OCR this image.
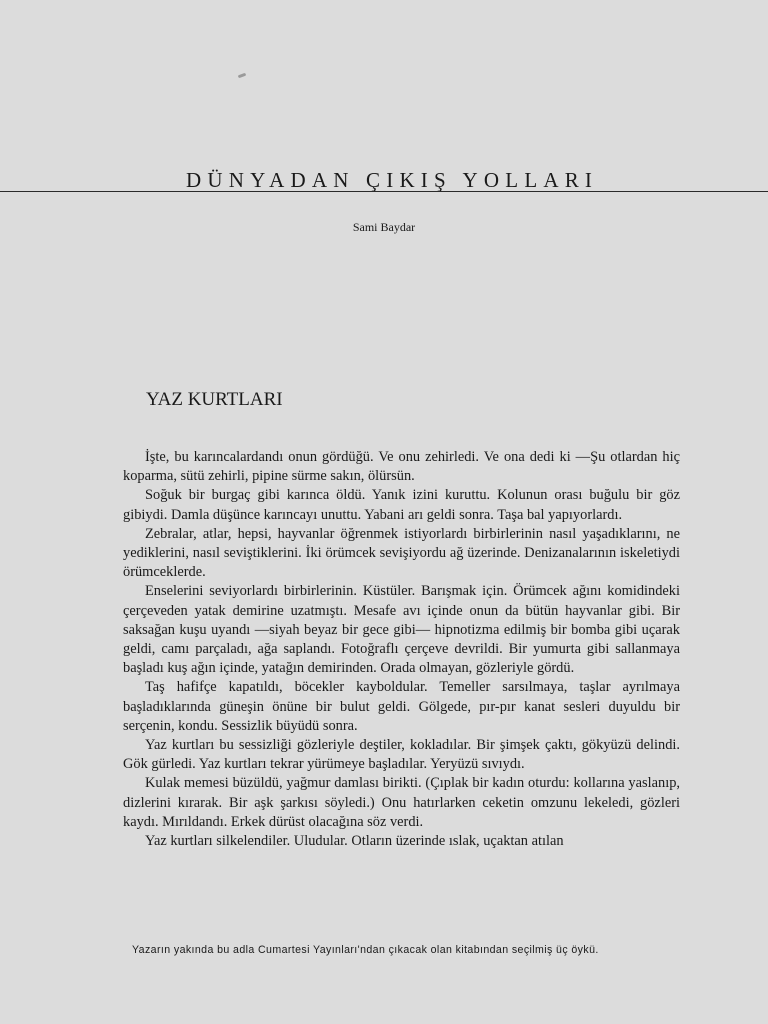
DÜNYADAN ÇIKIŞ YOLLARI
Sami Baydar
YAZ KURTLARI

İşte, bu karıncalardandı onun gördüğü. Ve onu zehirledi. Ve ona dedi ki —Şu otlardan hiç koparma, sütü zehirli, pipine sürme sakın, ölürsün.

Soğuk bir burgaç gibi karınca öldü. Yanık izini kuruttu. Kolunun orası buğulu bir göz gibiydi. Damla düşünce karıncayı unuttu. Yabani arı geldi sonra. Taşa bal yapıyorlardı.

Zebralar, atlar, hepsi, hayvanlar öğrenmek istiyorlardı birbirlerinin nasıl yaşadıklarını, ne yediklerini, nasıl seviştiklerini. İki örümcek sevişiyordu ağ üzerinde. Denizanalarının iskeletiydi örümceklerde.

Enselerini seviyorlardı birbirlerinin. Küstüler. Barışmak için. Örümcek ağını komidindeki çerçeveden yatak demirine uzatmıştı. Mesafe avı içinde onun da bütün hayvanlar gibi. Bir saksağan kuşu uyandı —siyah beyaz bir gece gibi— hipnotizma edilmiş bir bomba gibi uçarak geldi, camı parçaladı, ağa saplandı. Fotoğraflı çerçeve devrildi. Bir yumurta gibi sallanmaya başladı kuş ağın içinde, yatağın demirinden. Orada olmayan, gözleriyle gördü.

Taş hafifçe kapatıldı, böcekler kayboldular. Temeller sarsılmaya, taşlar ayrılmaya başladıklarında güneşin önüne bir bulut geldi. Gölgede, pır-pır kanat sesleri duyuldu bir serçenin, kondu. Sessizlik büyüdü sonra.

Yaz kurtları bu sessizliği gözleriyle deştiler, kokladılar. Bir şimşek çaktı, gökyüzü delindi. Gök gürledi. Yaz kurtları tekrar yürümeye başladılar. Yeryüzü sıvıydı.

Kulak memesi büzüldü, yağmur damlası birikti. (Çıplak bir kadın oturdu: kollarına yaslanıp, dizlerini kırarak. Bir aşk şarkısı söyledi.) Onu hatırlarken ceketin omzunu lekeledi, gözleri kaydı. Mırıldandı. Erkek dürüst olacağına söz verdi.

Yaz kurtları silkelendiler. Uludular. Otların üzerinde ıslak, uçaktan atılan

Yazarın yakında bu adla Cumartesi Yayınları'ndan çıkacak olan kitabından seçilmiş üç öykü.
